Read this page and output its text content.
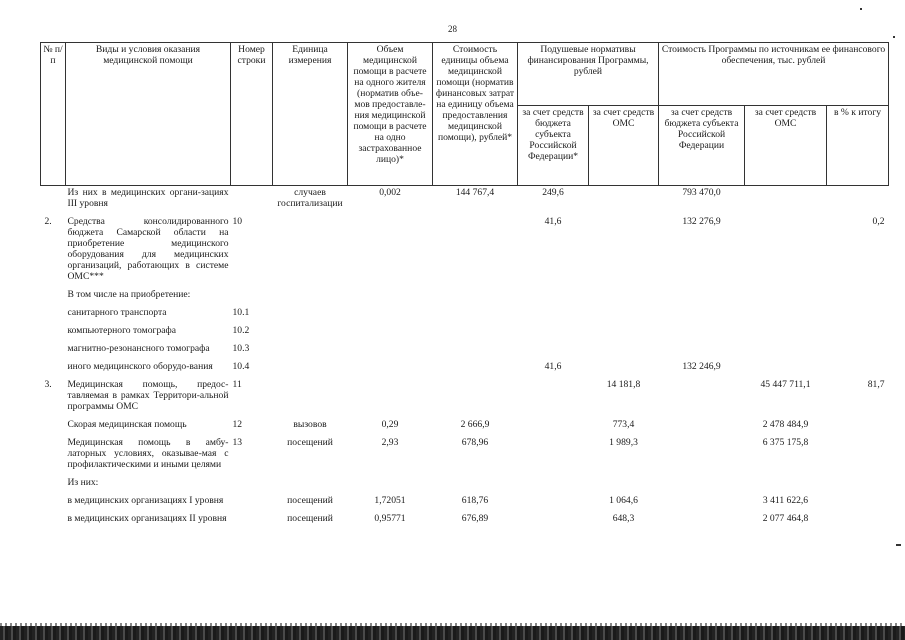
28
№ п/п	Виды и условия оказания медицинской помощи	Номер строки	Единица измерения	Объем медицинской помощи в расчете на одного жителя (норматив объе-мов предоставле-ния медицинской помощи в расчете на одно застрахованное лицо)*	Стоимость единицы объема медицинской помощи (норматив финансовых затрат на единицу объема предоставления медицинской помощи), рублей*	Подушевые нормативы финансирования Программы, рублей		Стоимость Программы по источникам ее финансового обеспечения, тыс. рублей		
						за счет средств бюджета субъекта Российской Федерации*	за счет средств ОМС	за счет средств бюджета субъекта Российской Федерации	за счет средств ОМС	в % к итогу
	Из них в медицинских органи-зациях III уровня		случаев госпитализации	0,002	144 767,4	249,6		793 470,0		
2.	Средства консолидированного бюджета Самарской области на приобретение медицинского оборудования для медицинских организаций, работающих в системе ОМС***	10				41,6		132 276,9		0,2
	В том числе на приобретение:									
	санитарного транспорта	10.1								
	компьютерного томографа	10.2								
	магнитно-резонансного томографа	10.3								
	иного медицинского оборудо-вания	10.4				41,6		132 246,9		
3.	Медицинская помощь, предос-тавляемая в рамках Территори-альной программы ОМС	11					14 181,8		45 447 711,1	81,7
	Скорая медицинская помощь	12	вызовов	0,29	2 666,9		773,4		2 478 484,9	
	Медицинская помощь в амбу-латорных условиях, оказывае-мая с профилактическими и иными целями	13	посещений	2,93	678,96		1 989,3		6 375 175,8	
	Из них:									
	в медицинских организациях I уровня		посещений	1,72051	618,76		1 064,6		3 411 622,6	
	в медицинских организациях II уровня		посещений	0,95771	676,89		648,3		2 077 464,8	
